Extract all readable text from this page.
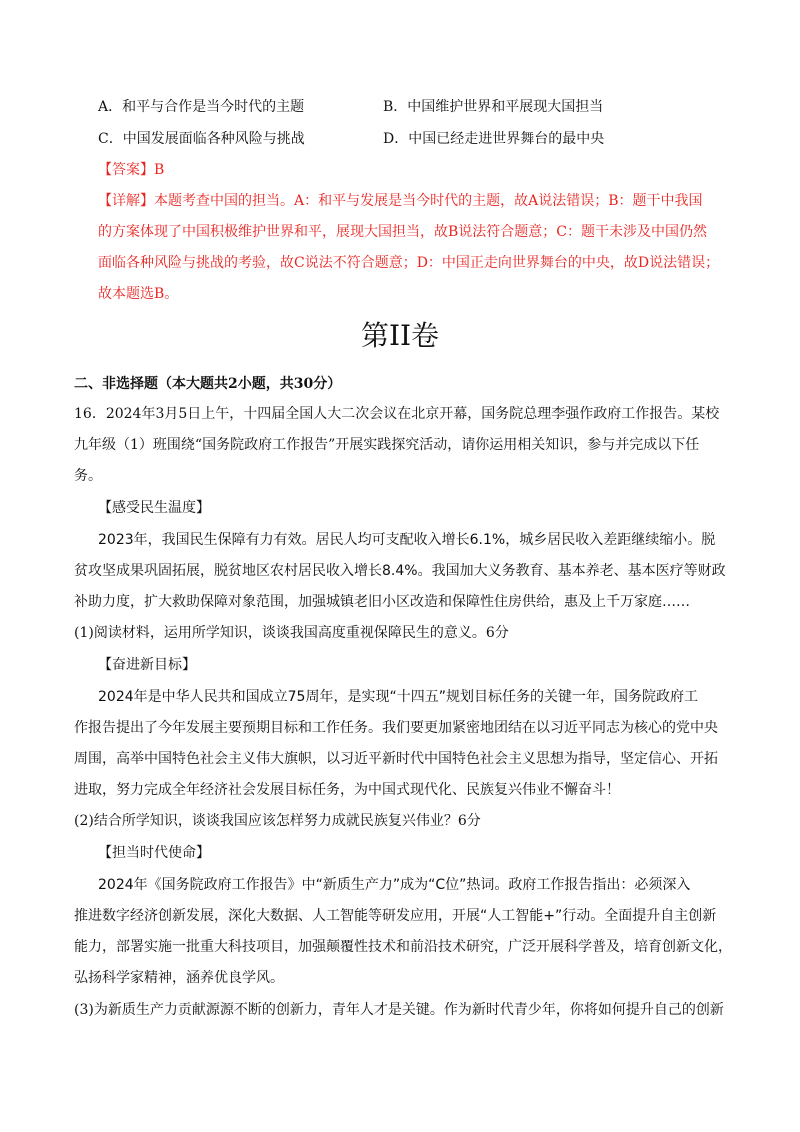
A．和平与合作是当今时代的主题	B．中国维护世界和平展现大国担当
C．中国发展面临各种风险与挑战	D．中国已经走进世界舞台的最中央
【答案】B
【详解】本题考查中国的担当。A：和平与发展是当今时代的主题，故A说法错误；B：题干中我国
的方案体现了中国积极维护世界和平，展现大国担当，故B说法符合题意；C：题干未涉及中国仍然
面临各种风险与挑战的考验，故C说法不符合题意；D：中国正走向世界舞台的中央，故D说法错误；
故本题选B。
第II卷
二、非选择题（本大题共2小题，共30分）
16．2024年3月5日上午，十四届全国人大二次会议在北京开幕，国务院总理李强作政府工作报告。某校
九年级（1）班围绕“国务院政府工作报告”开展实践探究活动，请你运用相关知识，参与并完成以下任
务。
【感受民生温度】
2023年，我国民生保障有力有效。居民人均可支配收入增长6.1%，城乡居民收入差距继续缩小。脱
贫攻坚成果巩固拓展，脱贫地区农村居民收入增长8.4%。我国加大义务教育、基本养老、基本医疗等财政
补助力度，扩大救助保障对象范围，加强城镇老旧小区改造和保障性住房供给，惠及上千万家庭……
(1)阅读材料，运用所学知识，谈谈我国高度重视保障民生的意义。6分
【奋进新目标】
2024年是中华人民共和国成立75周年，是实现“十四五”规划目标任务的关键一年，国务院政府工
作报告提出了今年发展主要预期目标和工作任务。我们要更加紧密地团结在以习近平同志为核心的党中央
周围，高举中国特色社会主义伟大旗帜，以习近平新时代中国特色社会主义思想为指导，坚定信心、开拓
进取，努力完成全年经济社会发展目标任务，为中国式现代化、民族复兴伟业不懈奋斗！
(2)结合所学知识，谈谈我国应该怎样努力成就民族复兴伟业？6分
【担当时代使命】
2024年《国务院政府工作报告》中“新质生产力”成为“C位”热词。政府工作报告指出：必须深入
推进数字经济创新发展，深化大数据、人工智能等研发应用，开展“人工智能+”行动。全面提升自主创新
能力，部署实施一批重大科技项目，加强颠覆性技术和前沿技术研究，广泛开展科学普及，培育创新文化，
弘扬科学家精神，涵养优良学风。
(3)为新质生产力贡献源源不断的创新力，青年人才是关键。作为新时代青少年，你将如何提升自己的创新
